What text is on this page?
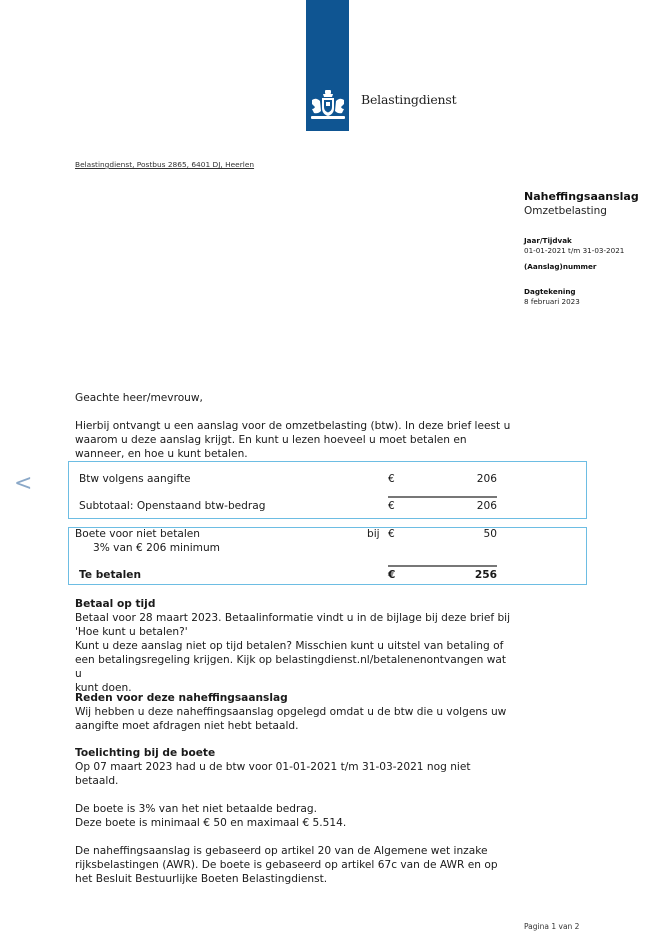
Belastingdienst
Belastingdienst, Postbus 2865, 6401 DJ, Heerlen
Naheffingsaanslag
Omzetbelasting
Jaar/Tijdvak
01-01-2021 t/m 31-03-2021
(Aanslag)nummer
Dagtekening
8 februari 2023
Geachte heer/mevrouw,

Hierbij ontvangt u een aanslag voor de omzetbelasting (btw). In deze brief leest u

waarom u deze aanslag krijgt. En kunt u lezen hoeveel u moet betalen en

wanneer, en hoe u kunt betalen.

<	Btw volgens aangifte	€	206
Subtotaal: Openstaand btw-bedrag	€	206
Boete voor niet betalen
3% van € 206 minimum
bij €	50
Te betalen	€	256

Betaal op tijd

Betaal voor 28 maart 2023. Betaalinformatie vindt u in de bijlage bij deze brief bij

'Hoe kunt u betalen?'

Kunt u deze aanslag niet op tijd betalen? Misschien kunt u uitstel van betaling of

een betalingsregeling krijgen. Kijk op belastingdienst.nl/betalenenontvangen wat u

kunt doen.

Reden voor deze naheffingsaanslag

Wij hebben u deze naheffingsaanslag opgelegd omdat u de btw die u volgens uw

aangifte moet afdragen niet hebt betaald.

Toelichting bij de boete

Op 07 maart 2023 had u de btw voor 01-01-2021 t/m 31-03-2021 nog niet

betaald.

De boete is 3% van het niet betaalde bedrag.

Deze boete is minimaal € 50 en maximaal € 5.514.

De naheffingsaanslag is gebaseerd op artikel 20 van de Algemene wet inzake

rijksbelastingen (AWR). De boete is gebaseerd op artikel 67c van de AWR en op

het Besluit Bestuurlijke Boeten Belastingdienst.

Pagina 1 van 2
